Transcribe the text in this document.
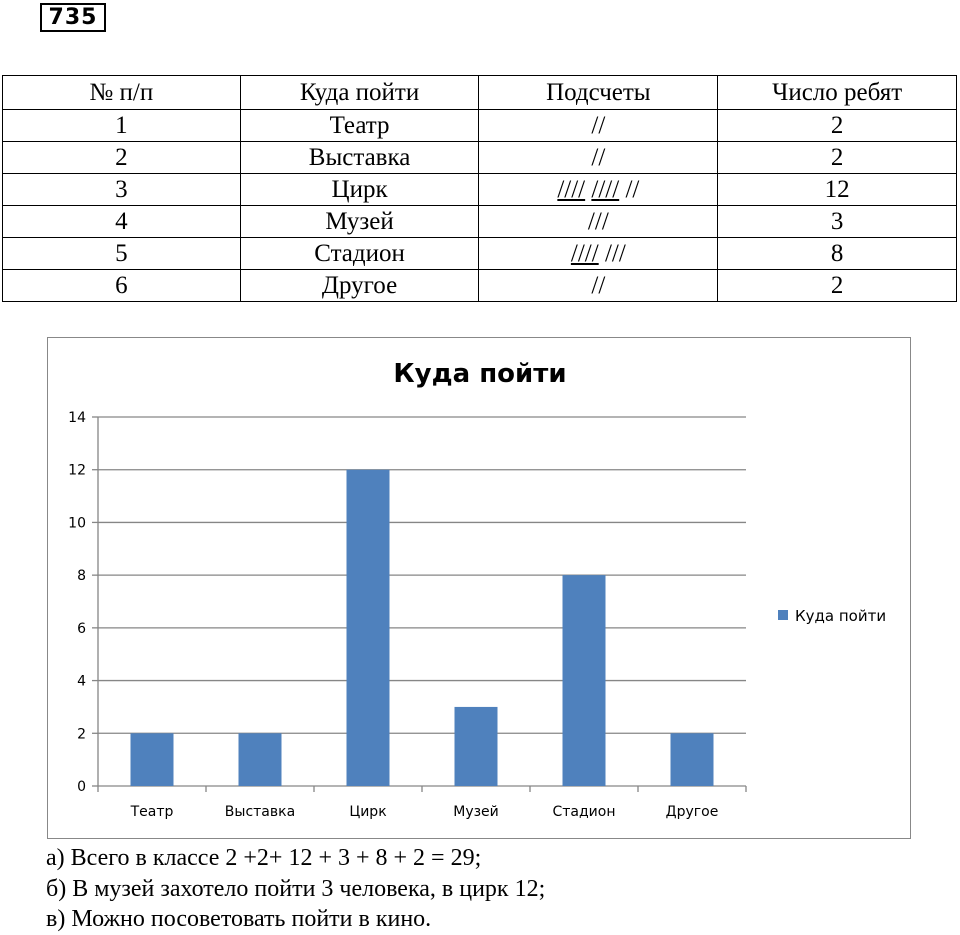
735
№ п/п	Куда пойти	Подсчеты	Число ребят
1	Театр	//	2
2	Выставка	//	2
3	Цирк	//// //// //	12
4	Музей	///	3
5	Стадион	//// ///	8
6	Другое	//	2
Куда пойти
0
2
4
6
8
10
12
14
Театр	Выставка	Цирк	Музей	Стадион	Другое
Куда пойти
а) Всего в классе 2 +2+ 12 + 3 + 8 + 2 = 29;
б) В музей захотело пойти 3 человека, в цирк 12;
в) Можно посоветовать пойти в кино.
